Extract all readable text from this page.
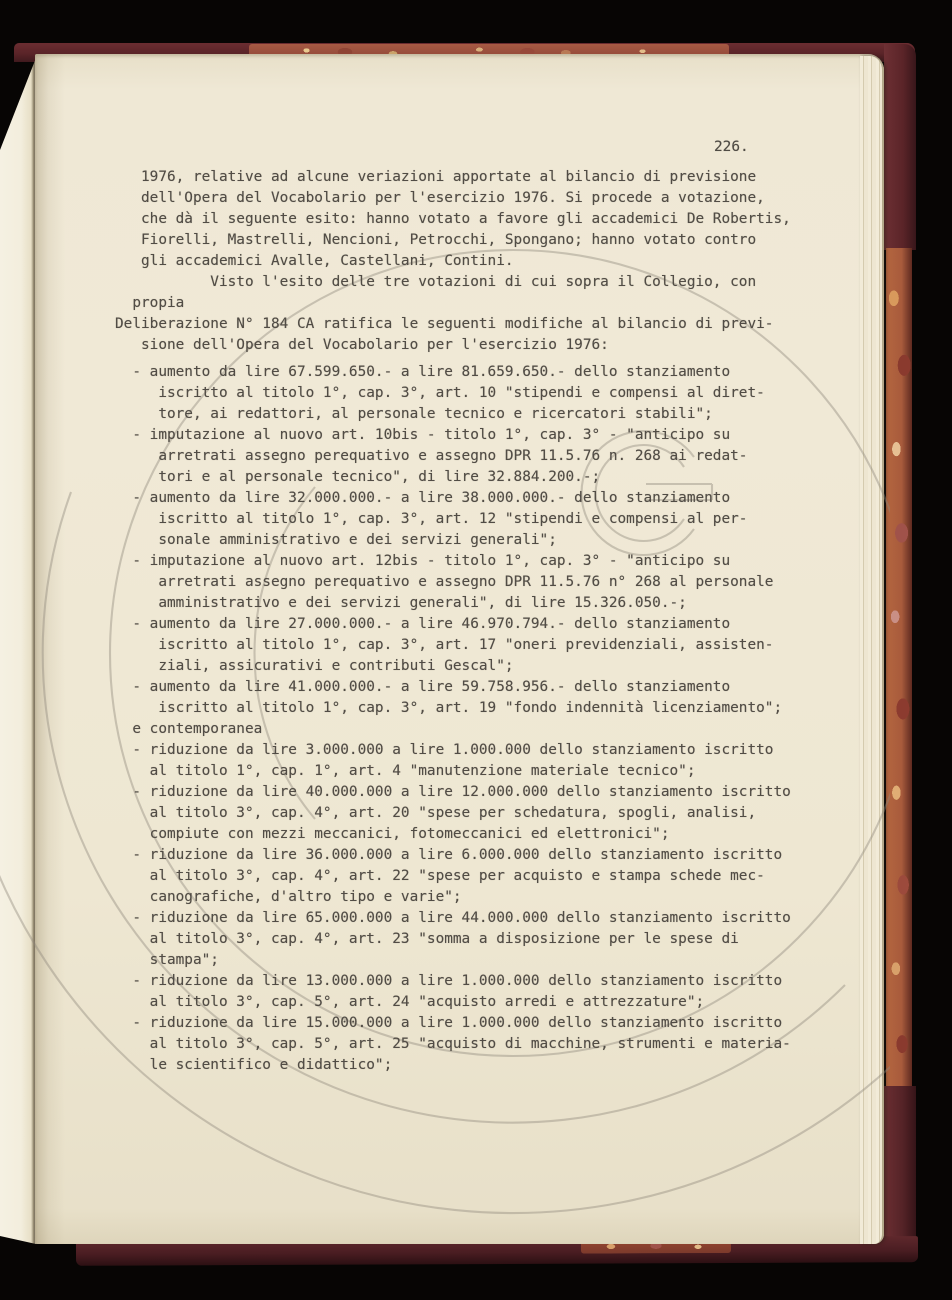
226.
1976, relative ad alcune veriazioni apportate al bilancio di previsione
dell'Opera del Vocabolario per l'esercizio 1976. Si procede a votazione,
che dà il seguente esito: hanno votato a favore gli accademici De Robertis,
Fiorelli, Mastrelli, Nencioni, Petrocchi, Spongano; hanno votato contro
gli accademici Avalle, Castellani, Contini.
Visto l'esito delle tre votazioni di cui sopra il Collegio, con
propia
Deliberazione N° 184 CA ratifica le seguenti modifiche al bilancio di previ-
sione dell'Opera del Vocabolario per l'esercizio 1976:
- aumento da lire 67.599.650.- a lire 81.659.650.- dello stanziamento
iscritto al titolo 1°, cap. 3°, art. 10 "stipendi e compensi al diret-
tore, ai redattori, al personale tecnico e ricercatori stabili";
- imputazione al nuovo art. 10bis - titolo 1°, cap. 3° - "anticipo su
arretrati assegno perequativo e assegno DPR 11.5.76 n. 268 ai redat-
tori e al personale tecnico", di lire 32.884.200.-;
- aumento da lire 32.000.000.- a lire 38.000.000.- dello stanziamento
iscritto al titolo 1°, cap. 3°, art. 12 "stipendi e compensi al per-
sonale amministrativo e dei servizi generali";
- imputazione al nuovo art. 12bis - titolo 1°, cap. 3° - "anticipo su
arretrati assegno perequativo e assegno DPR 11.5.76 n° 268 al personale
amministrativo e dei servizi generali", di lire 15.326.050.-;
- aumento da lire 27.000.000.- a lire 46.970.794.- dello stanziamento
iscritto al titolo 1°, cap. 3°, art. 17 "oneri previdenziali, assisten-
ziali, assicurativi e contributi Gescal";
- aumento da lire 41.000.000.- a lire 59.758.956.- dello stanziamento
iscritto al titolo 1°, cap. 3°, art. 19 "fondo indennità licenziamento";
e contemporanea
- riduzione da lire 3.000.000 a lire 1.000.000 dello stanziamento iscritto
al titolo 1°, cap. 1°, art. 4 "manutenzione materiale tecnico";
- riduzione da lire 40.000.000 a lire 12.000.000 dello stanziamento iscritto
al titolo 3°, cap. 4°, art. 20 "spese per schedatura, spogli, analisi,
compiute con mezzi meccanici, fotomeccanici ed elettronici";
- riduzione da lire 36.000.000 a lire 6.000.000 dello stanziamento iscritto
al titolo 3°, cap. 4°, art. 22 "spese per acquisto e stampa schede mec-
canografiche, d'altro tipo e varie";
- riduzione da lire 65.000.000 a lire 44.000.000 dello stanziamento iscritto
al titolo 3°, cap. 4°, art. 23 "somma a disposizione per le spese di
stampa";
- riduzione da lire 13.000.000 a lire 1.000.000 dello stanziamento iscritto
al titolo 3°, cap. 5°, art. 24 "acquisto arredi e attrezzature";
- riduzione da lire 15.000.000 a lire 1.000.000 dello stanziamento iscritto
al titolo 3°, cap. 5°, art. 25 "acquisto di macchine, strumenti e materia-
le scientifico e didattico";
